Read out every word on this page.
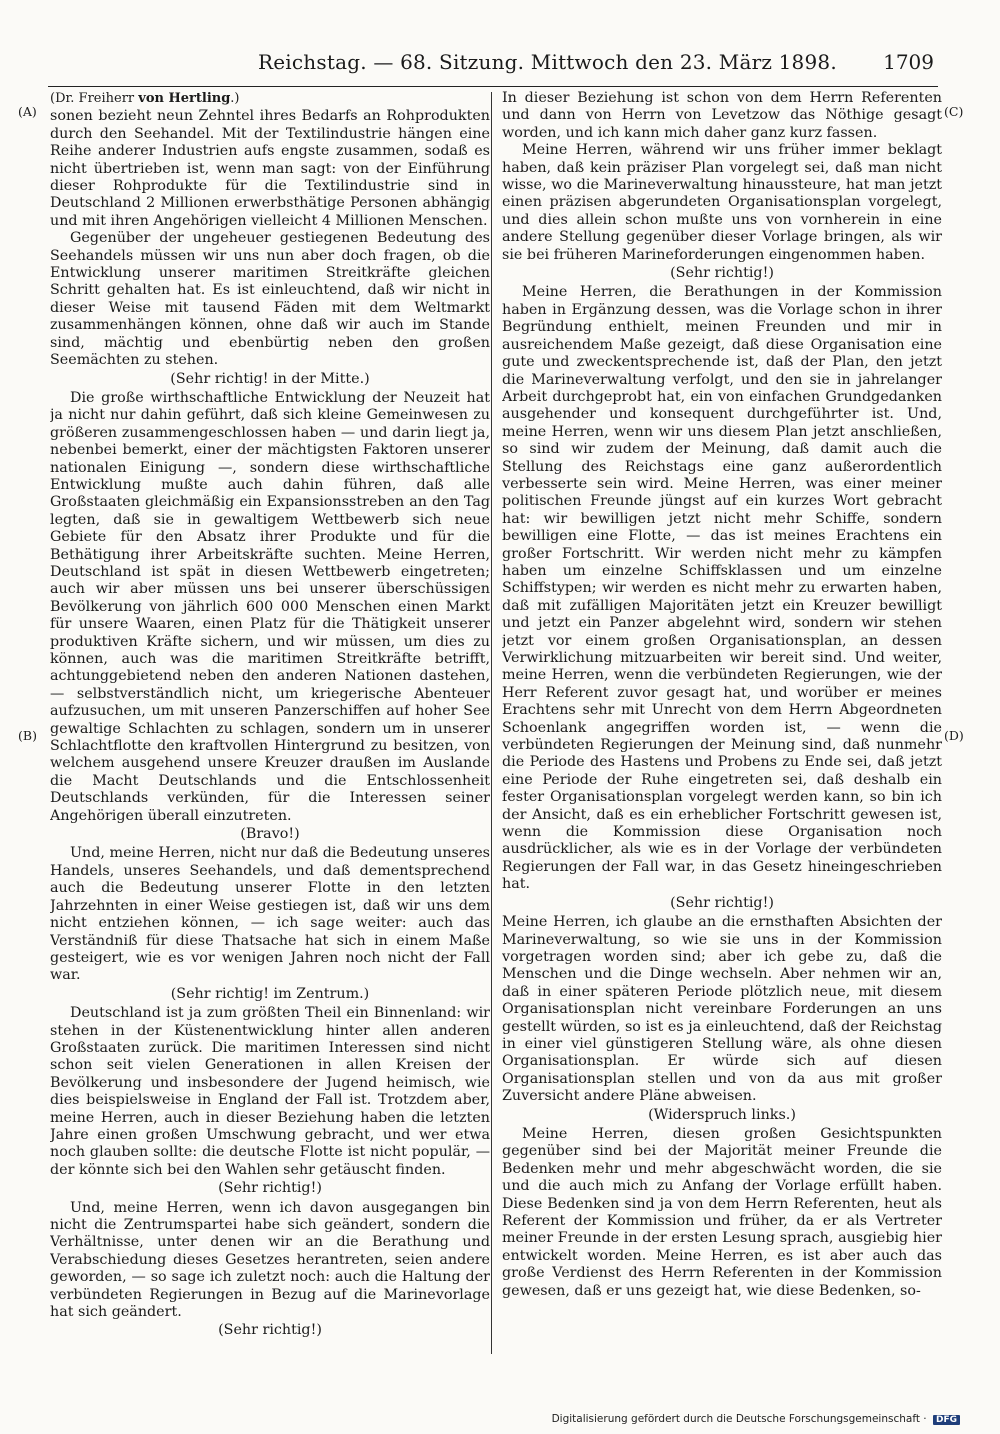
Reichstag. — 68. Sitzung. Mittwoch den 23. März 1898. 1709
(A)
(B)
(C)
(D)

(Dr. Freiherr von Hertling.)

sonen bezieht neun Zehntel ihres Bedarfs an Rohprodukten durch den Seehandel. Mit der Textilindustrie hängen eine Reihe anderer Industrien aufs engste zusammen, sodaß es nicht übertrieben ist, wenn man sagt: von der Einführung dieser Rohprodukte für die Textilindustrie sind in Deutschland 2 Millionen erwerbsthätige Personen abhängig und mit ihren Angehörigen vielleicht 4 Millionen Menschen.

Gegenüber der ungeheuer gestiegenen Bedeutung des Seehandels müssen wir uns nun aber doch fragen, ob die Entwicklung unserer maritimen Streitkräfte gleichen Schritt gehalten hat. Es ist einleuchtend, daß wir nicht in dieser Weise mit tausend Fäden mit dem Weltmarkt zusammenhängen können, ohne daß wir auch im Stande sind, mächtig und ebenbürtig neben den großen Seemächten zu stehen.

(Sehr richtig! in der Mitte.)

Die große wirthschaftliche Entwicklung der Neuzeit hat ja nicht nur dahin geführt, daß sich kleine Gemeinwesen zu größeren zusammengeschlossen haben — und darin liegt ja, nebenbei bemerkt, einer der mächtigsten Faktoren unserer nationalen Einigung —, sondern diese wirthschaftliche Entwicklung mußte auch dahin führen, daß alle Großstaaten gleichmäßig ein Expansionsstreben an den Tag legten, daß sie in gewaltigem Wettbewerb sich neue Gebiete für den Absatz ihrer Produkte und für die Bethätigung ihrer Arbeitskräfte suchten. Meine Herren, Deutschland ist spät in diesen Wettbewerb eingetreten; auch wir aber müssen uns bei unserer überschüssigen Bevölkerung von jährlich 600 000 Menschen einen Markt für unsere Waaren, einen Platz für die Thätigkeit unserer produktiven Kräfte sichern, und wir müssen, um dies zu können, auch was die maritimen Streitkräfte betrifft, achtunggebietend neben den anderen Nationen dastehen, — selbstverständlich nicht, um kriegerische Abenteuer aufzusuchen, um mit unseren Panzerschiffen auf hoher See gewaltige Schlachten zu schlagen, sondern um in unserer Schlachtflotte den kraftvollen Hintergrund zu besitzen, von welchem ausgehend unsere Kreuzer draußen im Auslande die Macht Deutschlands und die Entschlossenheit Deutschlands verkünden, für die Interessen seiner Angehörigen überall einzutreten.

(Bravo!)

Und, meine Herren, nicht nur daß die Bedeutung unseres Handels, unseres Seehandels, und daß dementsprechend auch die Bedeutung unserer Flotte in den letzten Jahrzehnten in einer Weise gestiegen ist, daß wir uns dem nicht entziehen können, — ich sage weiter: auch das Verständniß für diese Thatsache hat sich in einem Maße gesteigert, wie es vor wenigen Jahren noch nicht der Fall war.

(Sehr richtig! im Zentrum.)

Deutschland ist ja zum größten Theil ein Binnenland: wir stehen in der Küstenentwicklung hinter allen anderen Großstaaten zurück. Die maritimen Interessen sind nicht schon seit vielen Generationen in allen Kreisen der Bevölkerung und insbesondere der Jugend heimisch, wie dies beispielsweise in England der Fall ist. Trotzdem aber, meine Herren, auch in dieser Beziehung haben die letzten Jahre einen großen Umschwung gebracht, und wer etwa noch glauben sollte: die deutsche Flotte ist nicht populär, — der könnte sich bei den Wahlen sehr getäuscht finden.

(Sehr richtig!)

Und, meine Herren, wenn ich davon ausgegangen bin nicht die Zentrumspartei habe sich geändert, sondern die Verhältnisse, unter denen wir an die Berathung und Verabschiedung dieses Gesetzes herantreten, seien andere geworden, — so sage ich zuletzt noch: auch die Haltung der verbündeten Regierungen in Bezug auf die Marinevorlage hat sich geändert.

(Sehr richtig!)

In dieser Beziehung ist schon von dem Herrn Referenten und dann von Herrn von Levetzow das Nöthige gesagt worden, und ich kann mich daher ganz kurz fassen.

Meine Herren, während wir uns früher immer beklagt haben, daß kein präziser Plan vorgelegt sei, daß man nicht wisse, wo die Marineverwaltung hinaussteure, hat man jetzt einen präzisen abgerundeten Organisationsplan vorgelegt, und dies allein schon mußte uns von vornherein in eine andere Stellung gegenüber dieser Vorlage bringen, als wir sie bei früheren Marineforderungen eingenommen haben.

(Sehr richtig!)

Meine Herren, die Berathungen in der Kommission haben in Ergänzung dessen, was die Vorlage schon in ihrer Begründung enthielt, meinen Freunden und mir in ausreichendem Maße gezeigt, daß diese Organisation eine gute und zweckentsprechende ist, daß der Plan, den jetzt die Marineverwaltung verfolgt, und den sie in jahrelanger Arbeit durchgeprobt hat, ein von einfachen Grundgedanken ausgehender und konsequent durchgeführter ist. Und, meine Herren, wenn wir uns diesem Plan jetzt anschließen, so sind wir zudem der Meinung, daß damit auch die Stellung des Reichstags eine ganz außerordentlich verbesserte sein wird. Meine Herren, was einer meiner politischen Freunde jüngst auf ein kurzes Wort gebracht hat: wir bewilligen jetzt nicht mehr Schiffe, sondern bewilligen eine Flotte, — das ist meines Erachtens ein großer Fortschritt. Wir werden nicht mehr zu kämpfen haben um einzelne Schiffsklassen und um einzelne Schiffstypen; wir werden es nicht mehr zu erwarten haben, daß mit zufälligen Majoritäten jetzt ein Kreuzer bewilligt und jetzt ein Panzer abgelehnt wird, sondern wir stehen jetzt vor einem großen Organisationsplan, an dessen Verwirklichung mitzuarbeiten wir bereit sind. Und weiter, meine Herren, wenn die verbündeten Regierungen, wie der Herr Referent zuvor gesagt hat, und worüber er meines Erachtens sehr mit Unrecht von dem Herrn Abgeordneten Schoenlank angegriffen worden ist, — wenn die verbündeten Regierungen der Meinung sind, daß nunmehr die Periode des Hastens und Probens zu Ende sei, daß jetzt eine Periode der Ruhe eingetreten sei, daß deshalb ein fester Organisationsplan vorgelegt werden kann, so bin ich der Ansicht, daß es ein erheblicher Fortschritt gewesen ist, wenn die Kommission diese Organisation noch ausdrücklicher, als wie es in der Vorlage der verbündeten Regierungen der Fall war, in das Gesetz hineingeschrieben hat.

(Sehr richtig!)

Meine Herren, ich glaube an die ernsthaften Absichten der Marineverwaltung, so wie sie uns in der Kommission vorgetragen worden sind; aber ich gebe zu, daß die Menschen und die Dinge wechseln. Aber nehmen wir an, daß in einer späteren Periode plötzlich neue, mit diesem Organisationsplan nicht vereinbare Forderungen an uns gestellt würden, so ist es ja einleuchtend, daß der Reichstag in einer viel günstigeren Stellung wäre, als ohne diesen Organisationsplan. Er würde sich auf diesen Organisationsplan stellen und von da aus mit großer Zuversicht andere Pläne abweisen.

(Widerspruch links.)

Meine Herren, diesen großen Gesichtspunkten gegenüber sind bei der Majorität meiner Freunde die Bedenken mehr und mehr abgeschwächt worden, die sie und die auch mich zu Anfang der Vorlage erfüllt haben. Diese Bedenken sind ja von dem Herrn Referenten, heut als Referent der Kommission und früher, da er als Vertreter meiner Freunde in der ersten Lesung sprach, ausgiebig hier entwickelt worden. Meine Herren, es ist aber auch das große Verdienst des Herrn Referenten in der Kommission gewesen, daß er uns gezeigt hat, wie diese Bedenken, so-

Digitalisierung gefördert durch die Deutsche Forschungsgemeinschaft · DFG
